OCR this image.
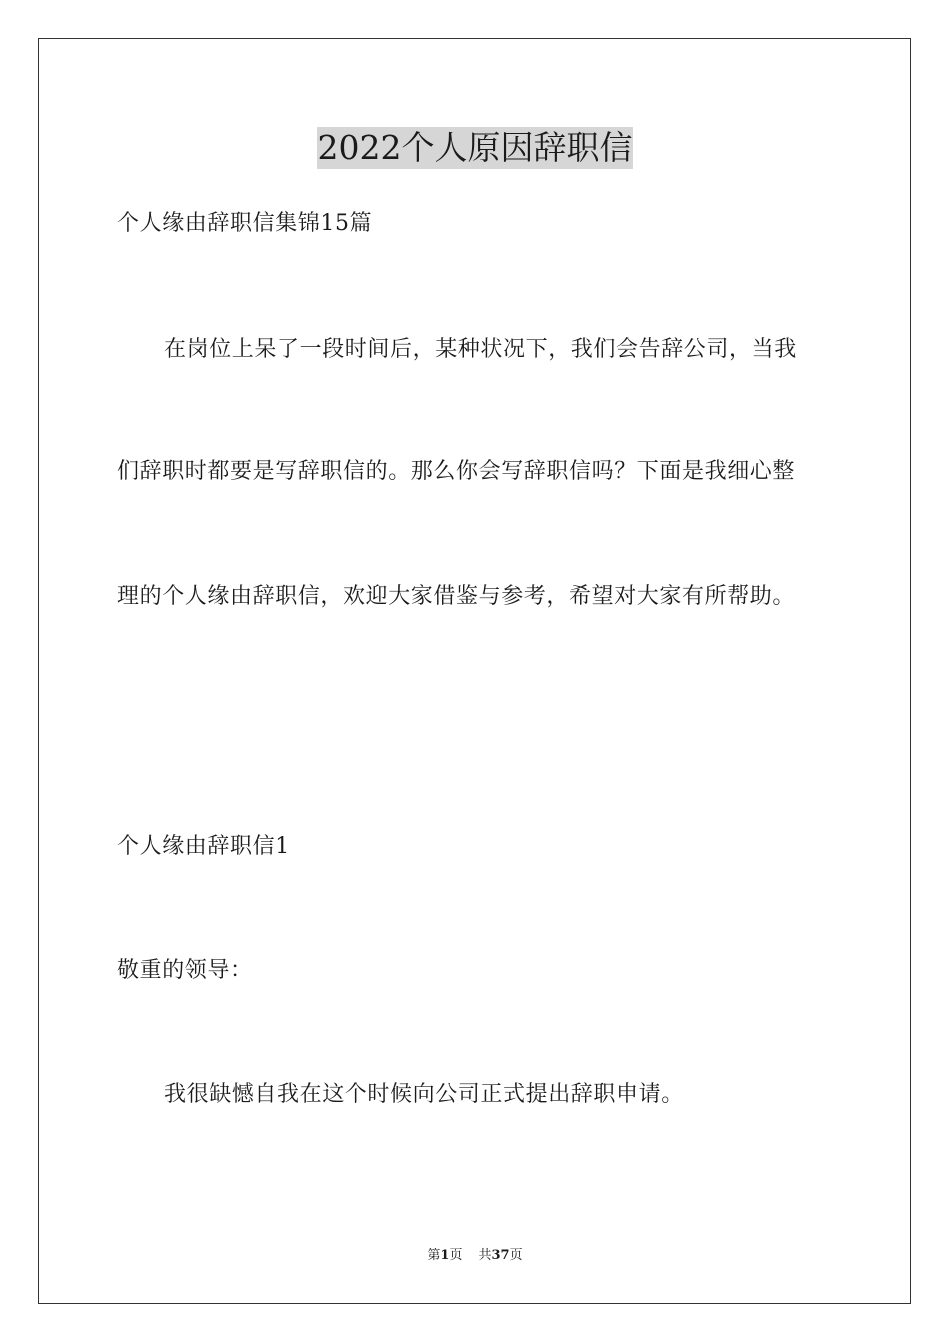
2022个人原因辞职信
个人缘由辞职信集锦15篇
在岗位上呆了一段时间后，某种状况下，我们会告辞公司，当我
们辞职时都要是写辞职信的。那么你会写辞职信吗？下面是我细心整
理的个人缘由辞职信，欢迎大家借鉴与参考，希望对大家有所帮助。
个人缘由辞职信1
敬重的领导：
我很缺憾自我在这个时候向公司正式提出辞职申请。
第1页 共37页
